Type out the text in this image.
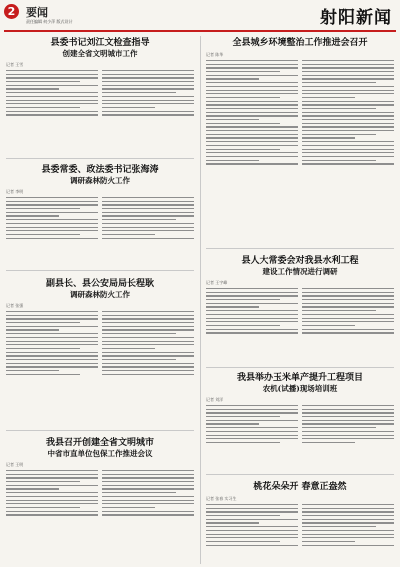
2 要闻
责任编辑 何少萍 版式设计	射阳新闻

县委书记刘江文检查指导

创建全省文明城市工作

记者 王雪

县委常委、政法委书记张海涛

调研森林防火工作

记者 李明

副县长、县公安局局长程耿

调研森林防火工作

记者 张强

我县召开创建全省文明城市

中省市直单位包保工作推进会议

记者 王明

全县城乡环境整治工作推进会召开

记者 陈华

县人大常委会对我县水利工程

建设工作情况进行调研

记者 王宇峰

我县举办玉米单产提升工程项目

农机(试播)现场培训班

记者 刘洋

桃花朵朵开 春意正盎然

记者 张春 实习生
